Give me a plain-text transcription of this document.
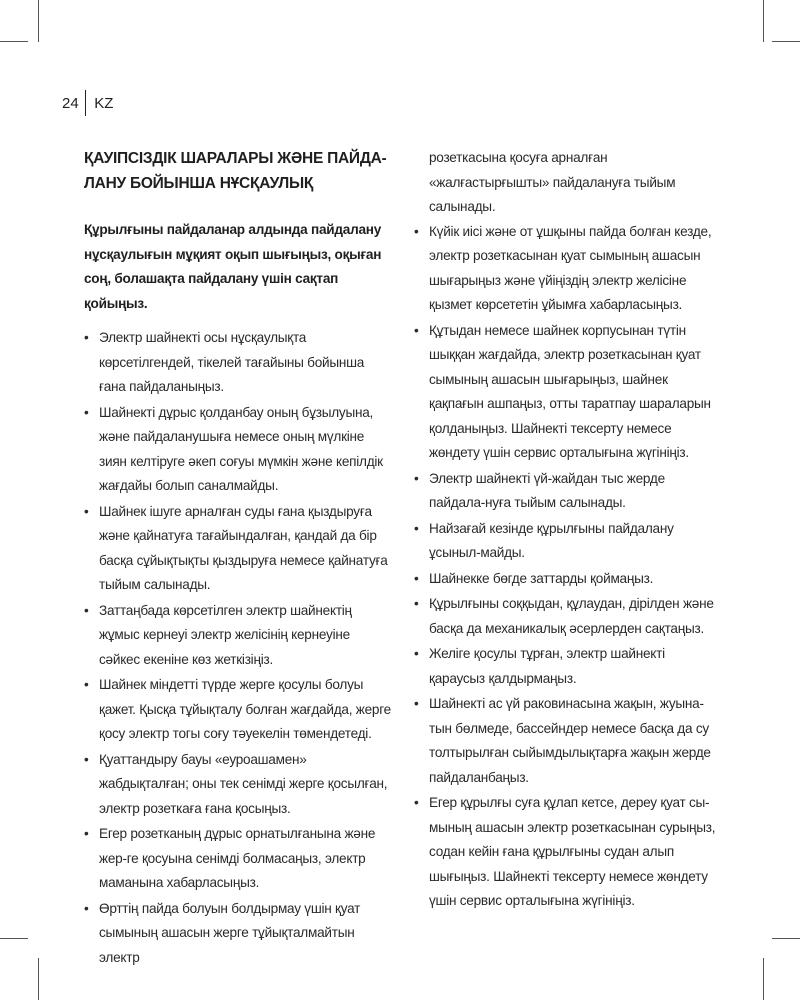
24 KZ
ҚАУІПСІЗДІК ШАРАЛАРЫ ЖӘНЕ ПАЙДА-ЛАНУ БОЙЫНША НҰСҚАУЛЫҚ
Құрылғыны пайдаланар алдында пайдалану нұсқаулығын мұқият оқып шығыңыз, оқыған соң, болашақта пайдалану үшін сақтап қойыңыз.
• Электр шайнекті осы нұсқаулықта көрсетілгендей, тікелей тағайыны бойынша ғана пайдаланыңыз.
• Шайнекті дұрыс қолданбау оның бұзылуына, және пайдаланушыға немесе оның мүлкіне зиян келтіруге әкеп соғуы мүмкін және кепілдік жағдайы болып саналмайды.
• Шайнек ішуге арналған суды ғана қыздыруға және қайнатуға тағайындалған, қандай да бір басқа сұйықтықты қыздыруға немесе қайнатуға тыйым салынады.
• Заттаңбада көрсетілген электр шайнектің жұмыс кернеуі электр желісінің кернеуіне сәйкес екеніне көз жеткізіңіз.
• Шайнек міндетті түрде жерге қосулы болуы қажет. Қысқа тұйықталу болған жағдайда, жерге қосу электр тогы соғу тәуекелін төмендетеді.
• Қуаттандыру бауы «еуроашамен» жабдықталған; оны тек сенімді жерге қосылған, электр розеткаға ғана қосыңыз.
• Егер розетканың дұрыс орнатылғанына және жер-ге қосуына сенімді болмасаңыз, электр маманына хабарласыңыз.
• Өрттің пайда болуын болдырмау үшін қуат сымының ашасын жерге тұйықталмайтын электр
розеткасына қосуға арналған «жалғастырғышты» пайдалануға тыйым салынады.
• Күйік иісі және от ұшқыны пайда болған кезде, электр розеткасынан қуат сымының ашасын шығарыңыз және үйіңіздің электр желісіне қызмет көрсететін ұйымға хабарласыңыз.
• Құтыдан немесе шайнек корпусынан түтін шыққан жағдайда, электр розеткасынан қуат сымының ашасын шығарыңыз, шайнек қақпағын ашпаңыз, отты таратпау шараларын қолданыңыз. Шайнекті тексерту немесе жөндету үшін сервис орталығына жүгініңіз.
• Электр шайнекті үй-жайдан тыс жерде пайдала-нуға тыйым салынады.
• Найзағай кезінде құрылғыны пайдалану ұсыныл-майды.
• Шайнекке бөгде заттарды қоймаңыз.
• Құрылғыны соққыдан, құлаудан, дірілден және басқа да механикалық әсерлерден сақтаңыз.
• Желіге қосулы тұрған, электр шайнекті қараусыз қалдырмаңыз.
• Шайнекті ас үй раковинасына жақын, жуына-тын бөлмеде, бассейндер немесе басқа да су толтырылған сыйымдылықтарға жақын жерде пайдаланбаңыз.
• Егер құрылғы суға құлап кетсе, дереу қуат сы-мының ашасын электр розеткасынан сурыңыз, содан кейін ғана құрылғыны судан алып шығыңыз. Шайнекті тексерту немесе жөндету үшін сервис орталығына жүгініңіз.
